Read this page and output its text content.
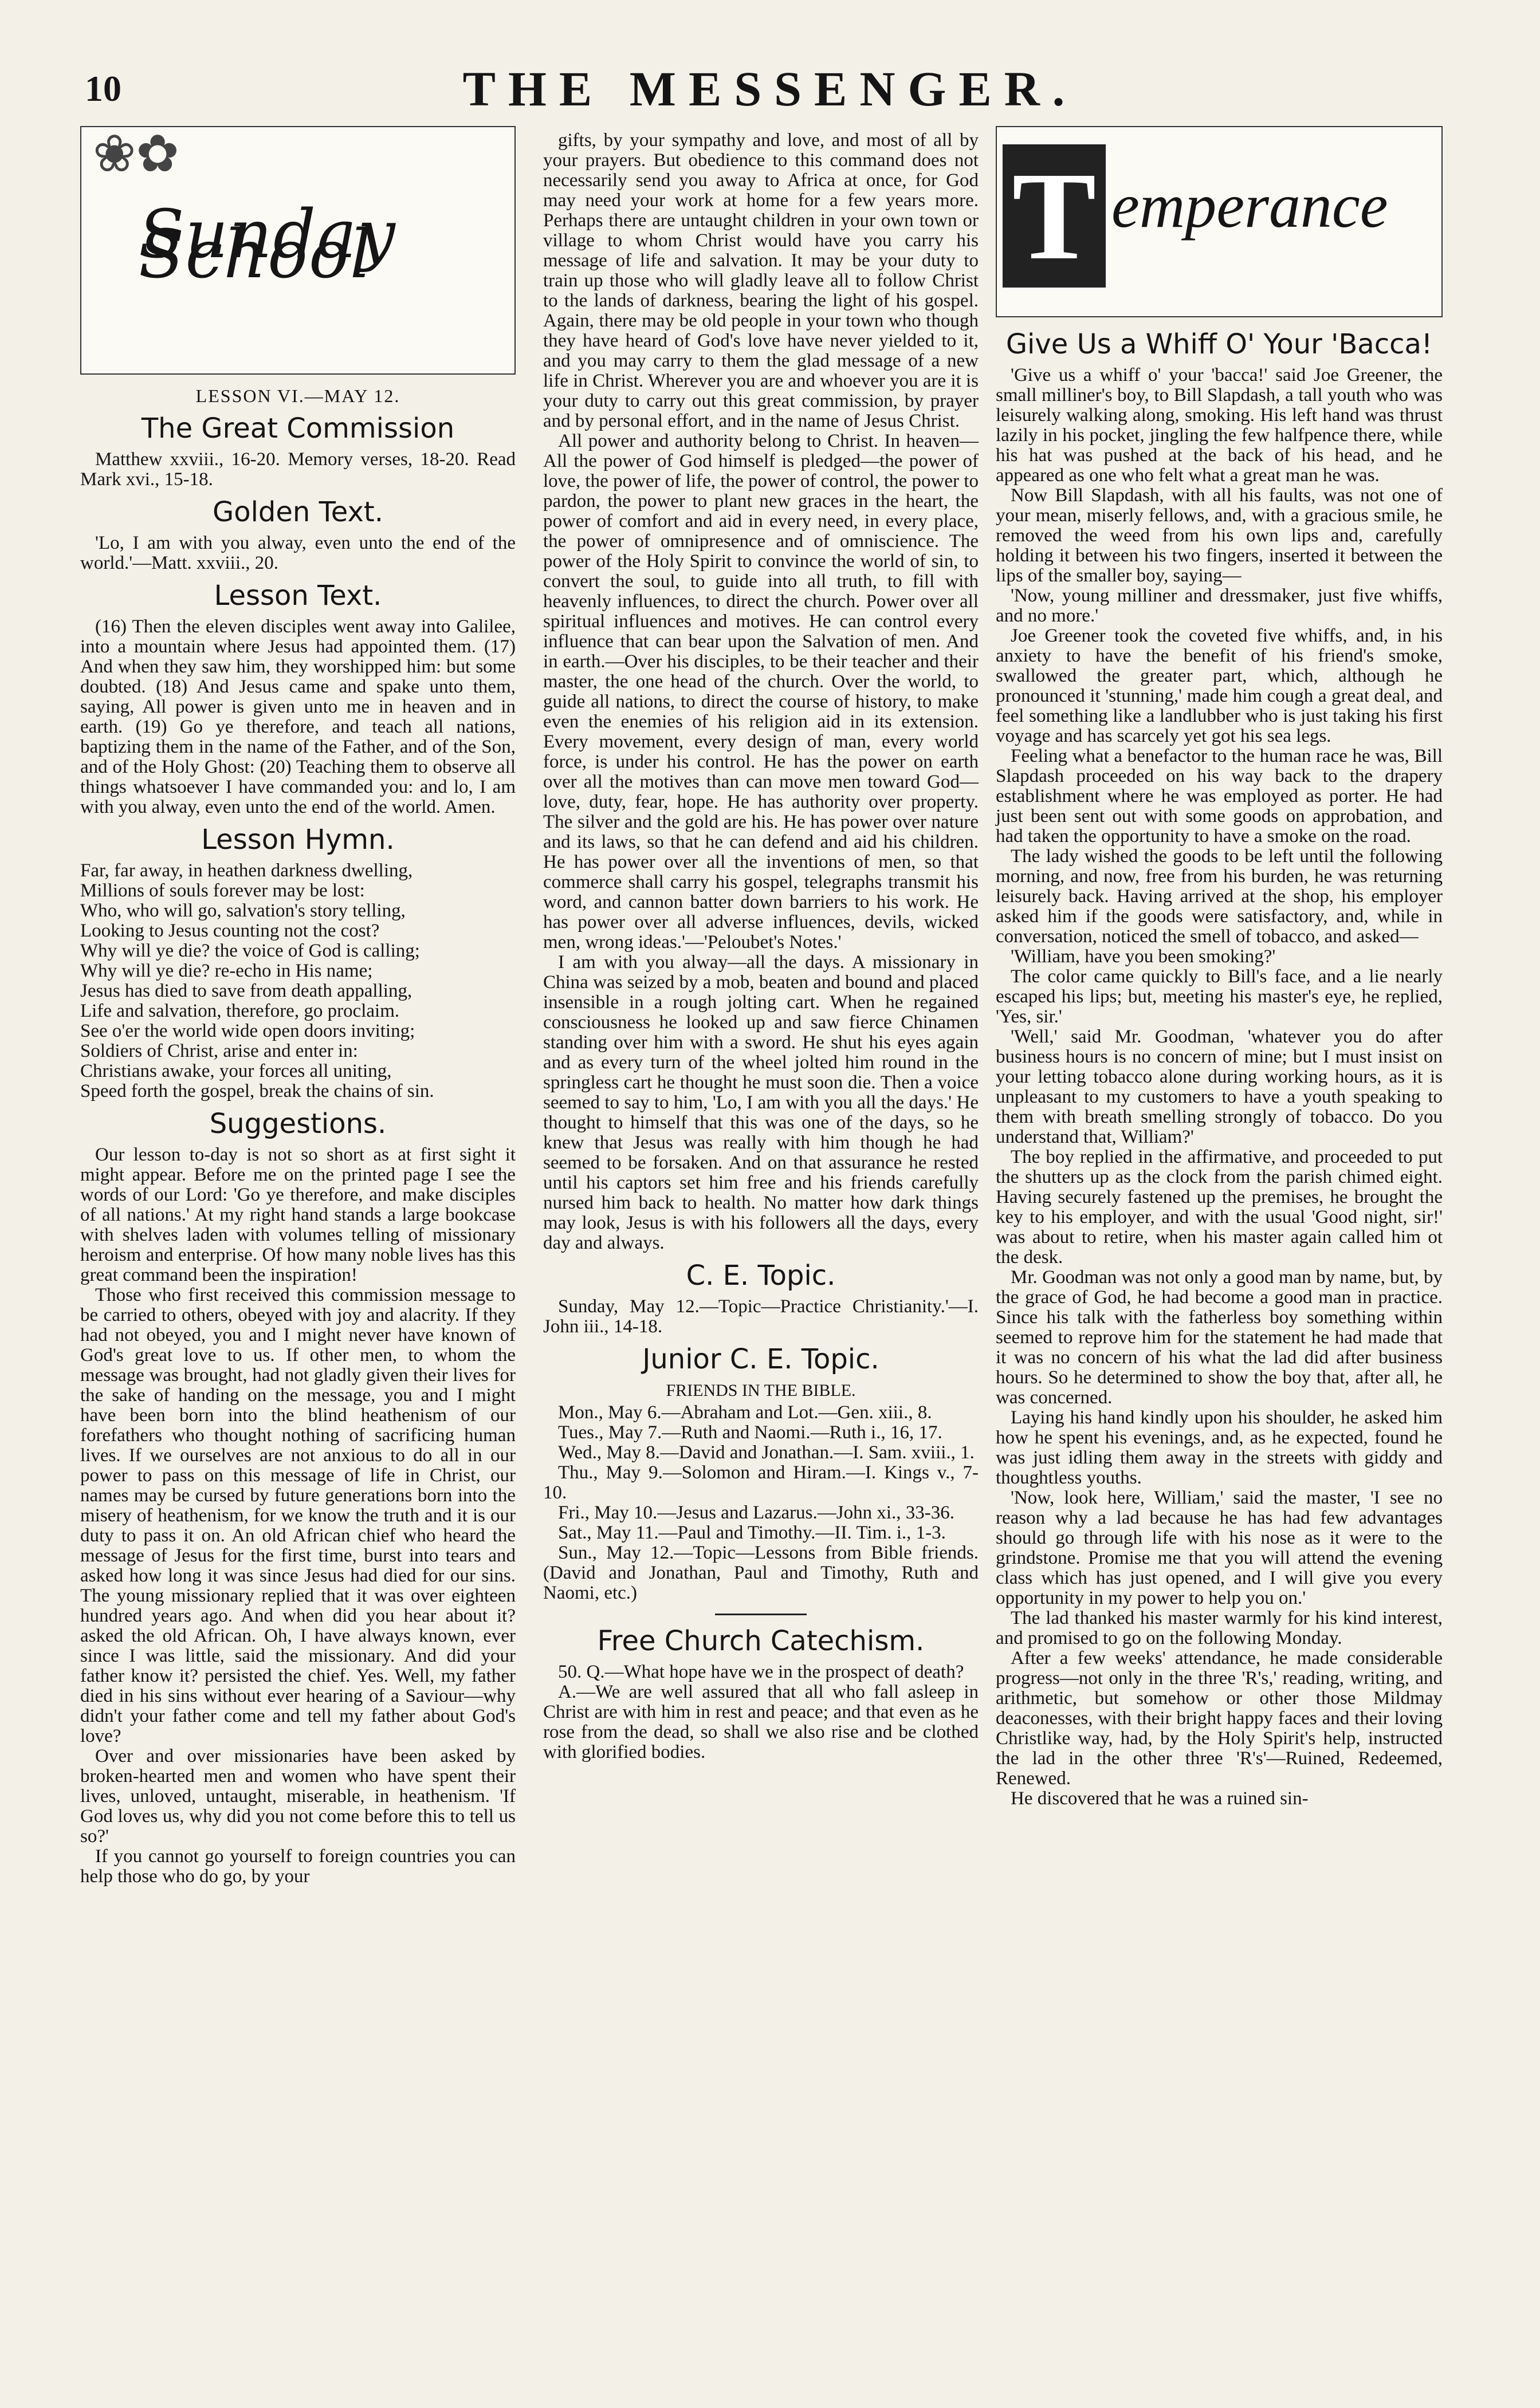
10	THE MESSENGER.
❀✿
Sunday School
LESSON VI.—MAY 12.
The Great Commission

Matthew xxviii., 16-20. Memory verses, 18-20. Read Mark xvi., 15-18.

Golden Text.

'Lo, I am with you alway, even unto the end of the world.'—Matt. xxviii., 20.

Lesson Text.

(16) Then the eleven disciples went away into Galilee, into a mountain where Jesus had appointed them. (17) And when they saw him, they worshipped him: but some doubted. (18) And Jesus came and spake unto them, saying, All power is given unto me in heaven and in earth. (19) Go ye therefore, and teach all nations, baptizing them in the name of the Father, and of the Son, and of the Holy Ghost: (20) Teaching them to observe all things whatsoever I have commanded you: and lo, I am with you alway, even unto the end of the world. Amen.

Lesson Hymn.

Far, far away, in heathen darkness dwelling,

Millions of souls forever may be lost:

Who, who will go, salvation's story telling,

Looking to Jesus counting not the cost?

Why will ye die? the voice of God is calling;

Why will ye die? re-echo in His name;

Jesus has died to save from death appalling,

Life and salvation, therefore, go proclaim.

See o'er the world wide open doors inviting;

Soldiers of Christ, arise and enter in:

Christians awake, your forces all uniting,

Speed forth the gospel, break the chains of sin.

Suggestions.

Our lesson to-day is not so short as at first sight it might appear. Before me on the printed page I see the words of our Lord: 'Go ye therefore, and make disciples of all nations.' At my right hand stands a large bookcase with shelves laden with volumes telling of missionary heroism and enterprise. Of how many noble lives has this great command been the inspiration!

Those who first received this commission message to be carried to others, obeyed with joy and alacrity. If they had not obeyed, you and I might never have known of God's great love to us. If other men, to whom the message was brought, had not gladly given their lives for the sake of handing on the message, you and I might have been born into the blind heathenism of our forefathers who thought nothing of sacrificing human lives. If we ourselves are not anxious to do all in our power to pass on this message of life in Christ, our names may be cursed by future generations born into the misery of heathenism, for we know the truth and it is our duty to pass it on. An old African chief who heard the message of Jesus for the first time, burst into tears and asked how long it was since Jesus had died for our sins. The young missionary replied that it was over eighteen hundred years ago. And when did you hear about it? asked the old African. Oh, I have always known, ever since I was little, said the missionary. And did your father know it? persisted the chief. Yes. Well, my father died in his sins without ever hearing of a Saviour—why didn't your father come and tell my father about God's love?

Over and over missionaries have been asked by broken-hearted men and women who have spent their lives, unloved, untaught, miserable, in heathenism. 'If God loves us, why did you not come before this to tell us so?'

If you cannot go yourself to foreign countries you can help those who do go, by your

gifts, by your sympathy and love, and most of all by your prayers. But obedience to this command does not necessarily send you away to Africa at once, for God may need your work at home for a few years more. Perhaps there are untaught children in your own town or village to whom Christ would have you carry his message of life and salvation. It may be your duty to train up those who will gladly leave all to follow Christ to the lands of darkness, bearing the light of his gospel. Again, there may be old people in your town who though they have heard of God's love have never yielded to it, and you may carry to them the glad message of a new life in Christ. Wherever you are and whoever you are it is your duty to carry out this great commission, by prayer and by personal effort, and in the name of Jesus Christ.

All power and authority belong to Christ. In heaven—All the power of God himself is pledged—the power of love, the power of life, the power of control, the power to pardon, the power to plant new graces in the heart, the power of comfort and aid in every need, in every place, the power of omnipresence and of omniscience. The power of the Holy Spirit to convince the world of sin, to convert the soul, to guide into all truth, to fill with heavenly influences, to direct the church. Power over all spiritual influences and motives. He can control every influence that can bear upon the Salvation of men. And in earth.—Over his disciples, to be their teacher and their master, the one head of the church. Over the world, to guide all nations, to direct the course of history, to make even the enemies of his religion aid in its extension. Every movement, every design of man, every world force, is under his control. He has the power on earth over all the motives than can move men toward God—love, duty, fear, hope. He has authority over property. The silver and the gold are his. He has power over nature and its laws, so that he can defend and aid his children. He has power over all the inventions of men, so that commerce shall carry his gospel, telegraphs transmit his word, and cannon batter down barriers to his work. He has power over all adverse influences, devils, wicked men, wrong ideas.'—'Peloubet's Notes.'

I am with you alway—all the days. A missionary in China was seized by a mob, beaten and bound and placed insensible in a rough jolting cart. When he regained consciousness he looked up and saw fierce Chinamen standing over him with a sword. He shut his eyes again and as every turn of the wheel jolted him round in the springless cart he thought he must soon die. Then a voice seemed to say to him, 'Lo, I am with you all the days.' He thought to himself that this was one of the days, so he knew that Jesus was really with him though he had seemed to be forsaken. And on that assurance he rested until his captors set him free and his friends carefully nursed him back to health. No matter how dark things may look, Jesus is with his followers all the days, every day and always.

C. E. Topic.

Sunday, May 12.—Topic—Practice Christianity.'—I. John iii., 14-18.

Junior C. E. Topic.
FRIENDS IN THE BIBLE.

Mon., May 6.—Abraham and Lot.—Gen. xiii., 8.

Tues., May 7.—Ruth and Naomi.—Ruth i., 16, 17.

Wed., May 8.—David and Jonathan.—I. Sam. xviii., 1.

Thu., May 9.—Solomon and Hiram.—I. Kings v., 7-10.

Fri., May 10.—Jesus and Lazarus.—John xi., 33-36.

Sat., May 11.—Paul and Timothy.—II. Tim. i., 1-3.

Sun., May 12.—Topic—Lessons from Bible friends. (David and Jonathan, Paul and Timothy, Ruth and Naomi, etc.)

Free Church Catechism.

50. Q.—What hope have we in the prospect of death?

A.—We are well assured that all who fall asleep in Christ are with him in rest and peace; and that even as he rose from the dead, so shall we also rise and be clothed with glorified bodies.

T emperance
Give Us a Whiff O' Your 'Bacca!

'Give us a whiff o' your 'bacca!' said Joe Greener, the small milliner's boy, to Bill Slapdash, a tall youth who was leisurely walking along, smoking. His left hand was thrust lazily in his pocket, jingling the few halfpence there, while his hat was pushed at the back of his head, and he appeared as one who felt what a great man he was.

Now Bill Slapdash, with all his faults, was not one of your mean, miserly fellows, and, with a gracious smile, he removed the weed from his own lips and, carefully holding it between his two fingers, inserted it between the lips of the smaller boy, saying—

'Now, young milliner and dressmaker, just five whiffs, and no more.'

Joe Greener took the coveted five whiffs, and, in his anxiety to have the benefit of his friend's smoke, swallowed the greater part, which, although he pronounced it 'stunning,' made him cough a great deal, and feel something like a landlubber who is just taking his first voyage and has scarcely yet got his sea legs.

Feeling what a benefactor to the human race he was, Bill Slapdash proceeded on his way back to the drapery establishment where he was employed as porter. He had just been sent out with some goods on approbation, and had taken the opportunity to have a smoke on the road.

The lady wished the goods to be left until the following morning, and now, free from his burden, he was returning leisurely back. Having arrived at the shop, his employer asked him if the goods were satisfactory, and, while in conversation, noticed the smell of tobacco, and asked—

'William, have you been smoking?'

The color came quickly to Bill's face, and a lie nearly escaped his lips; but, meeting his master's eye, he replied, 'Yes, sir.'

'Well,' said Mr. Goodman, 'whatever you do after business hours is no concern of mine; but I must insist on your letting tobacco alone during working hours, as it is unpleasant to my customers to have a youth speaking to them with breath smelling strongly of tobacco. Do you understand that, William?'

The boy replied in the affirmative, and proceeded to put the shutters up as the clock from the parish chimed eight. Having securely fastened up the premises, he brought the key to his employer, and with the usual 'Good night, sir!' was about to retire, when his master again called him ot the desk.

Mr. Goodman was not only a good man by name, but, by the grace of God, he had become a good man in practice. Since his talk with the fatherless boy something within seemed to reprove him for the statement he had made that it was no concern of his what the lad did after business hours. So he determined to show the boy that, after all, he was concerned.

Laying his hand kindly upon his shoulder, he asked him how he spent his evenings, and, as he expected, found he was just idling them away in the streets with giddy and thoughtless youths.

'Now, look here, William,' said the master, 'I see no reason why a lad because he has had few advantages should go through life with his nose as it were to the grindstone. Promise me that you will attend the evening class which has just opened, and I will give you every opportunity in my power to help you on.'

The lad thanked his master warmly for his kind interest, and promised to go on the following Monday.

After a few weeks' attendance, he made considerable progress—not only in the three 'R's,' reading, writing, and arithmetic, but somehow or other those Mildmay deaconesses, with their bright happy faces and their loving Christlike way, had, by the Holy Spirit's help, instructed the lad in the other three 'R's'—Ruined, Redeemed, Renewed.

He discovered that he was a ruined sin-
